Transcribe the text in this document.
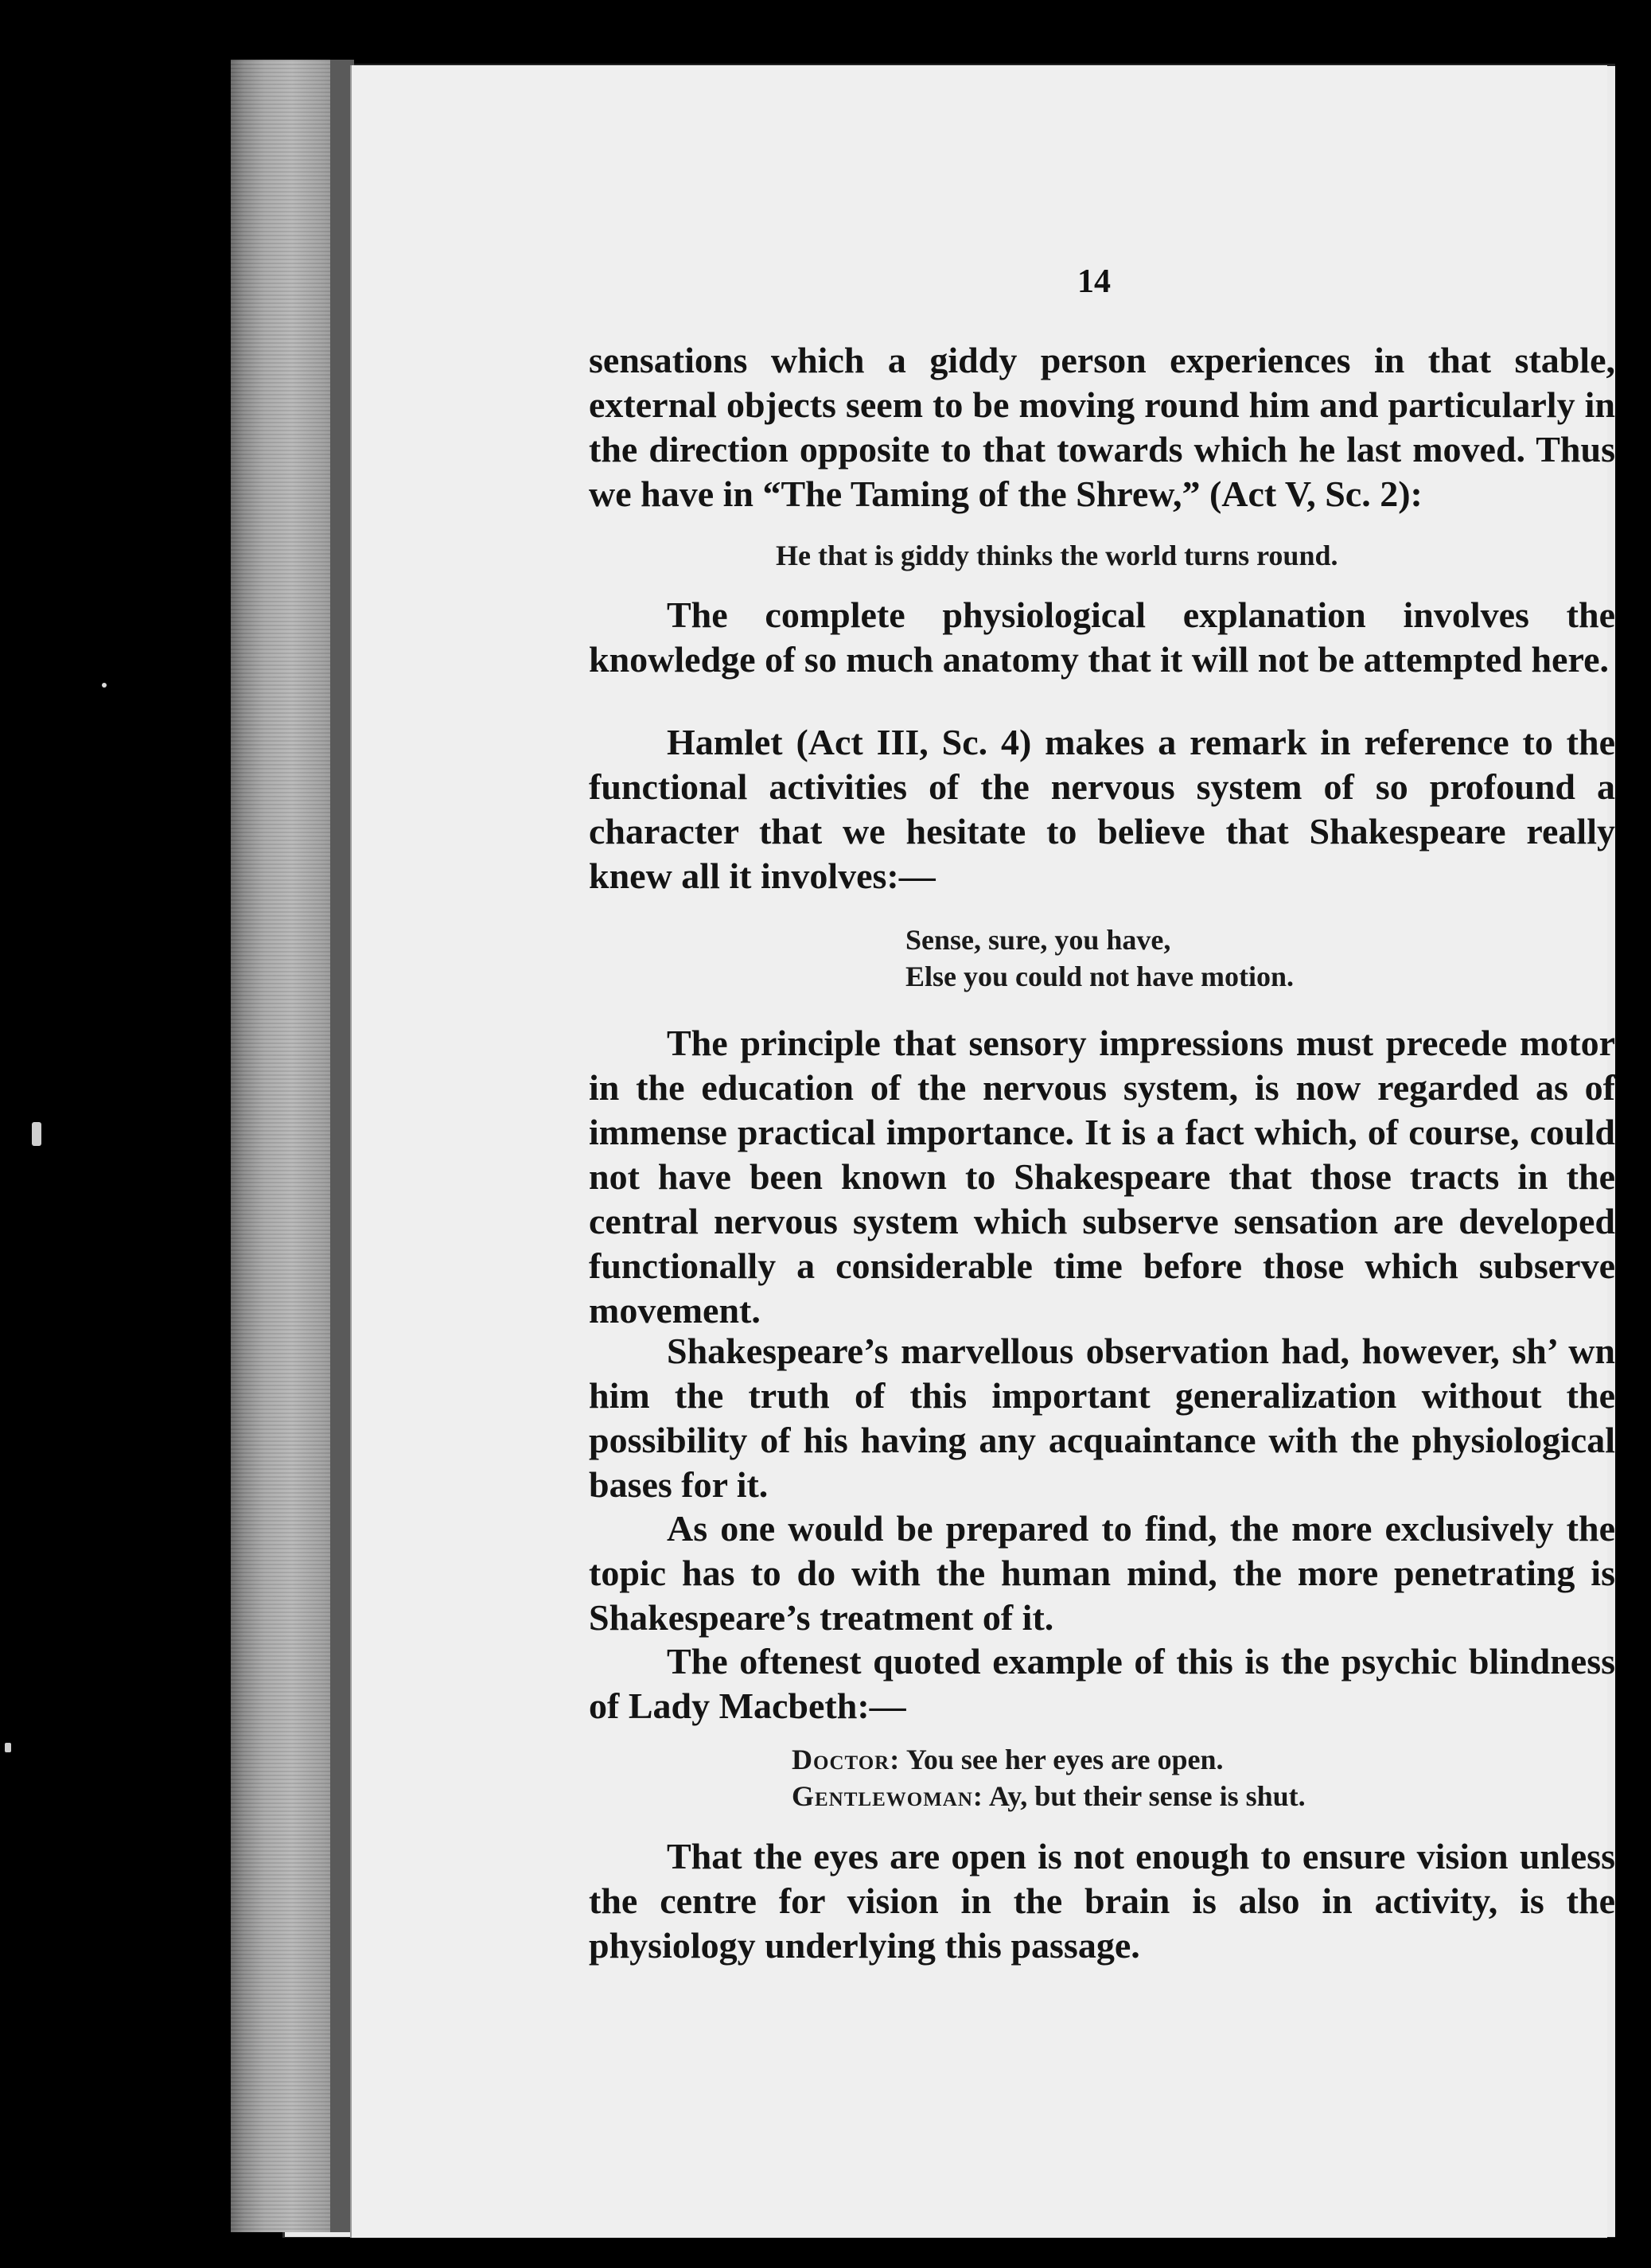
14

sensations which a giddy person experiences in that stable, external objects seem to be moving round him and particularly in the direction opposite to that towards which he last moved. Thus we have in “The Taming of the Shrew,” (Act V, Sc. 2):

He that is giddy thinks the world turns round.

The complete physiological explanation involves the knowledge of so much anatomy that it will not be attempted here.

Hamlet (Act III, Sc. 4) makes a remark in reference to the functional activities of the nervous system of so profound a character that we hesitate to believe that Shakespeare really knew all it involves:—

Sense, sure, you have,

Else you could not have motion.

The principle that sensory impressions must precede motor in the education of the nervous system, is now regarded as of immense practical importance. It is a fact which, of course, could not have been known to Shakespeare that those tracts in the central nervous system which subserve sensation are developed functionally a considerable time before those which subserve movement.

Shakespeare’s marvellous observation had, however, sh’ wn him the truth of this important generalization without the possibility of his having any acquaintance with the physiological bases for it.

As one would be prepared to find, the more exclusively the topic has to do with the human mind, the more penetrating is Shakespeare’s treatment of it.

The oftenest quoted example of this is the psychic blindness of Lady Macbeth:—

Doctor: You see her eyes are open.

Gentlewoman: Ay, but their sense is shut.

That the eyes are open is not enough to ensure vision unless the centre for vision in the brain is also in activity, is the physiology underlying this passage.
